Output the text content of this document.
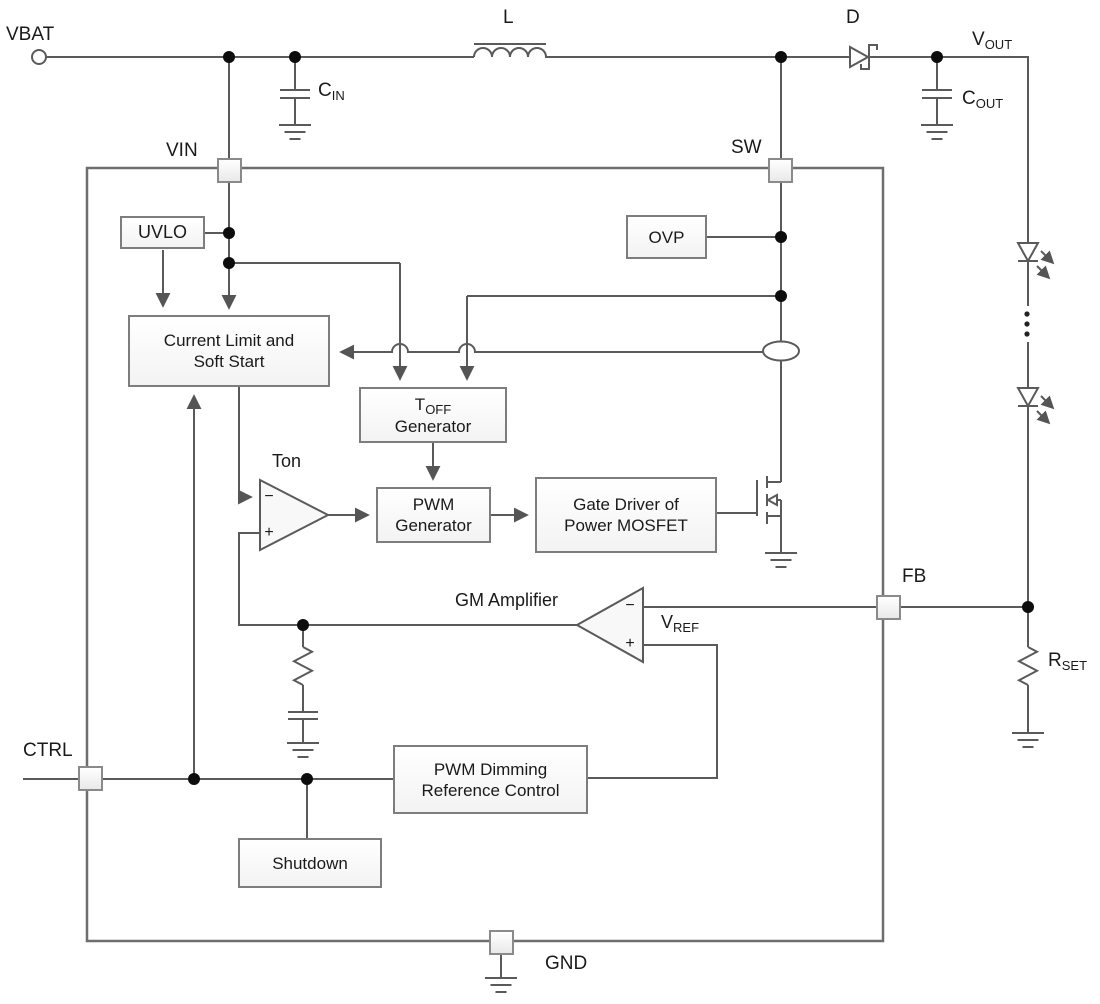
UVLO	OVP
Current Limit and
Soft Start
$T_{OFF}$
Generator
PWM
Generator
Gate Driver of
Power MOSFET
PWM Dimming
Reference Control
Shutdown
VBAT
L	D
$V_{OUT}$
$C_{IN}$	$C_{OUT}$
VIN	SW
FB
CTRL
GND
$R_{SET}$
$V_{REF}$
GM Amplifier
Ton
−
+
−
+
